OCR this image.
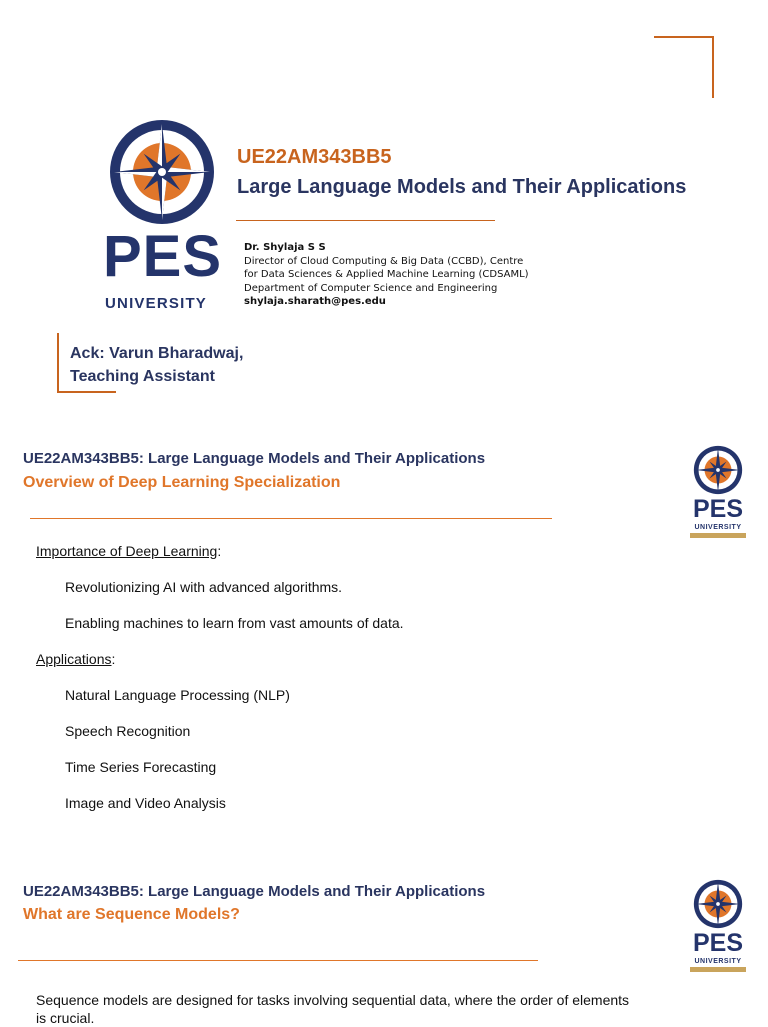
PES
UNIVERSITY
UE22AM343BB5
Large Language Models and Their Applications
Dr. Shylaja S S
Director of Cloud Computing & Big Data (CCBD), Centre
for Data Sciences & Applied Machine Learning (CDSAML)
Department of Computer Science and Engineering
shylaja.sharath@pes.edu
Ack: Varun Bharadwaj,
Teaching Assistant
UE22AM343BB5: Large Language Models and Their Applications
Overview of Deep Learning Specialization
PES
UNIVERSITY
Importance of Deep Learning:
Revolutionizing AI with advanced algorithms.
Enabling machines to learn from vast amounts of data.
Applications:
Natural Language Processing (NLP)
Speech Recognition
Time Series Forecasting
Image and Video Analysis
UE22AM343BB5: Large Language Models and Their Applications
What are Sequence Models?
PES
UNIVERSITY
Sequence models are designed for tasks involving sequential data, where the order of elements
is crucial.
